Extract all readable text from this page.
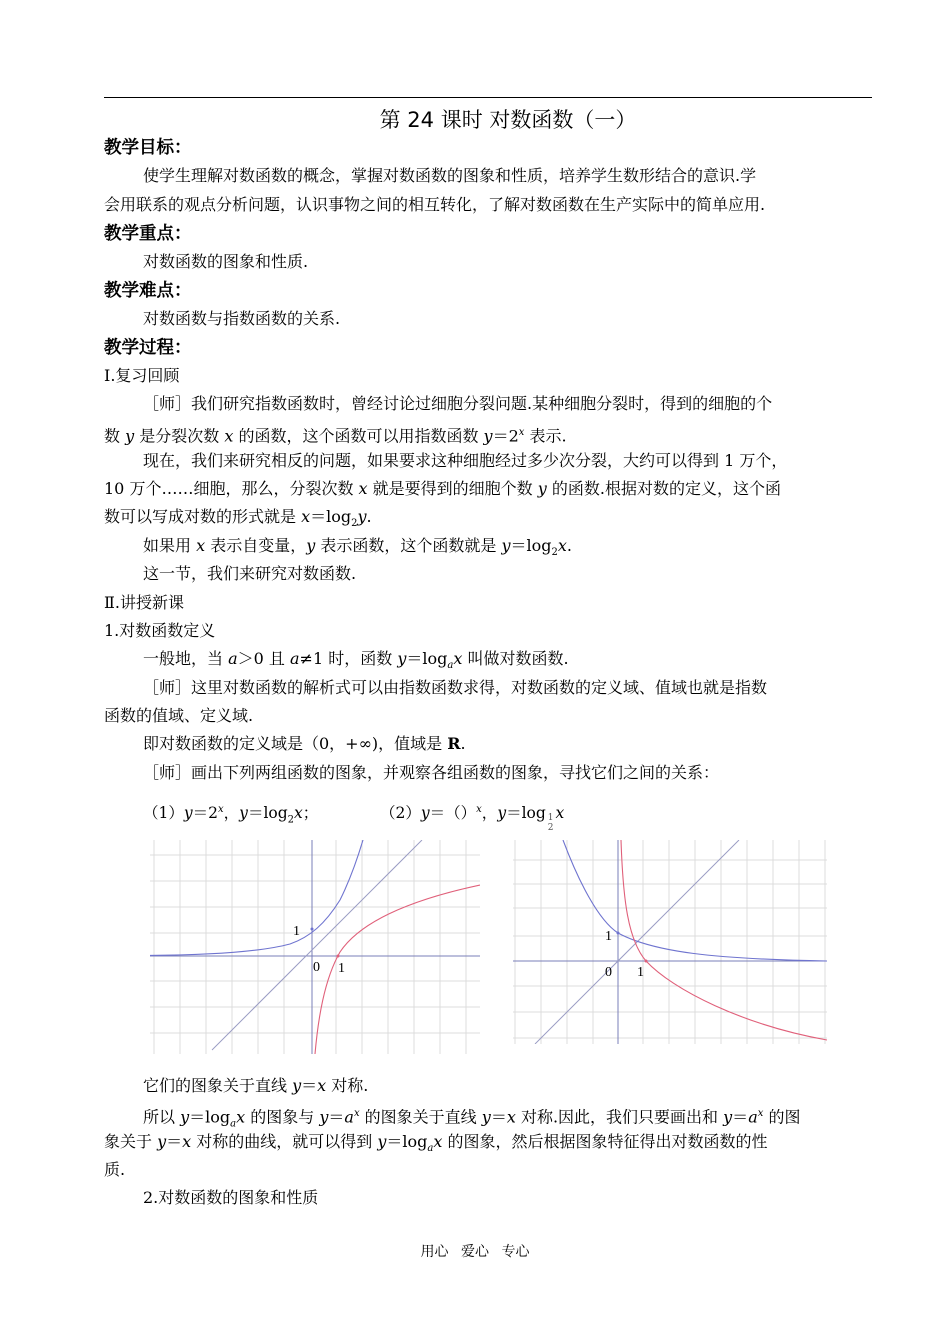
第 24 课时 对数函数（一）
教学目标：
使学生理解对数函数的概念，掌握对数函数的图象和性质，培养学生数形结合的意识.学
会用联系的观点分析问题，认识事物之间的相互转化，了解对数函数在生产实际中的简单应用.
教学重点：
对数函数的图象和性质.
教学难点：
对数函数与指数函数的关系.
教学过程：
Ⅰ.复习回顾
［师］我们研究指数函数时，曾经讨论过细胞分裂问题.某种细胞分裂时，得到的细胞的个
数 y 是分裂次数 x 的函数，这个函数可以用指数函数 $y=2^x$ 表示.
现在，我们来研究相反的问题，如果要求这种细胞经过多少次分裂，大约可以得到 1 万个，
10 万个……细胞，那么，分裂次数 x 就是要得到的细胞个数 y 的函数.根据对数的定义，这个函
数可以写成对数的形式就是 $x=\log_2y$.
如果用 x 表示自变量，y 表示函数，这个函数就是 $y=\log_2x$.
这一节，我们来研究对数函数.
Ⅱ.讲授新课
1.对数函数定义
一般地，当 a＞0 且 a≠1 时，函数 $y=\log_ax$ 叫做对数函数.
［师］这里对数函数的解析式可以由指数函数求得，对数函数的定义域、值域也就是指数
函数的值域、定义域.
即对数函数的定义域是（0，+∞)，值域是 R.
［师］画出下列两组函数的图象，并观察各组函数的图象，寻找它们之间的关系：
$(1)y=2^x$，$y=\log_2x$；	（2）y＝（）$^x$，y＝log 1
2x
1
0 1
1
0 1
它们的图象关于直线 y＝x 对称.
所以 $y=\log_ax$ 的图象与 $y=a^x$ 的图象关于直线 y＝x 对称.因此，我们只要画出和 $y=a^x$ 的图
象关于 y＝x 对称的曲线，就可以得到 $y=\log_ax$ 的图象，然后根据图象特征得出对数函数的性
质.
2.对数函数的图象和性质
用心 爱心 专心
